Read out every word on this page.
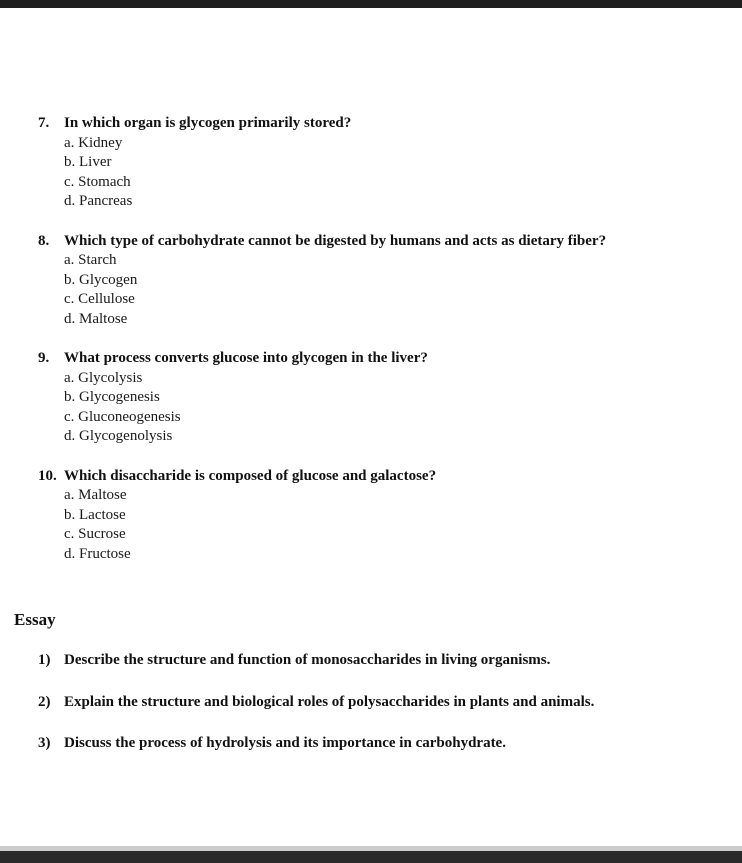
7. In which organ is glycogen primarily stored?
a. Kidney
b. Liver
c. Stomach
d. Pancreas
8. Which type of carbohydrate cannot be digested by humans and acts as dietary fiber?
a. Starch
b. Glycogen
c. Cellulose
d. Maltose
9. What process converts glucose into glycogen in the liver?
a. Glycolysis
b. Glycogenesis
c. Gluconeogenesis
d. Glycogenolysis
10. Which disaccharide is composed of glucose and galactose?
a. Maltose
b. Lactose
c. Sucrose
d. Fructose
Essay
1) Describe the structure and function of monosaccharides in living organisms.
2) Explain the structure and biological roles of polysaccharides in plants and animals.
3) Discuss the process of hydrolysis and its importance in carbohydrate.
